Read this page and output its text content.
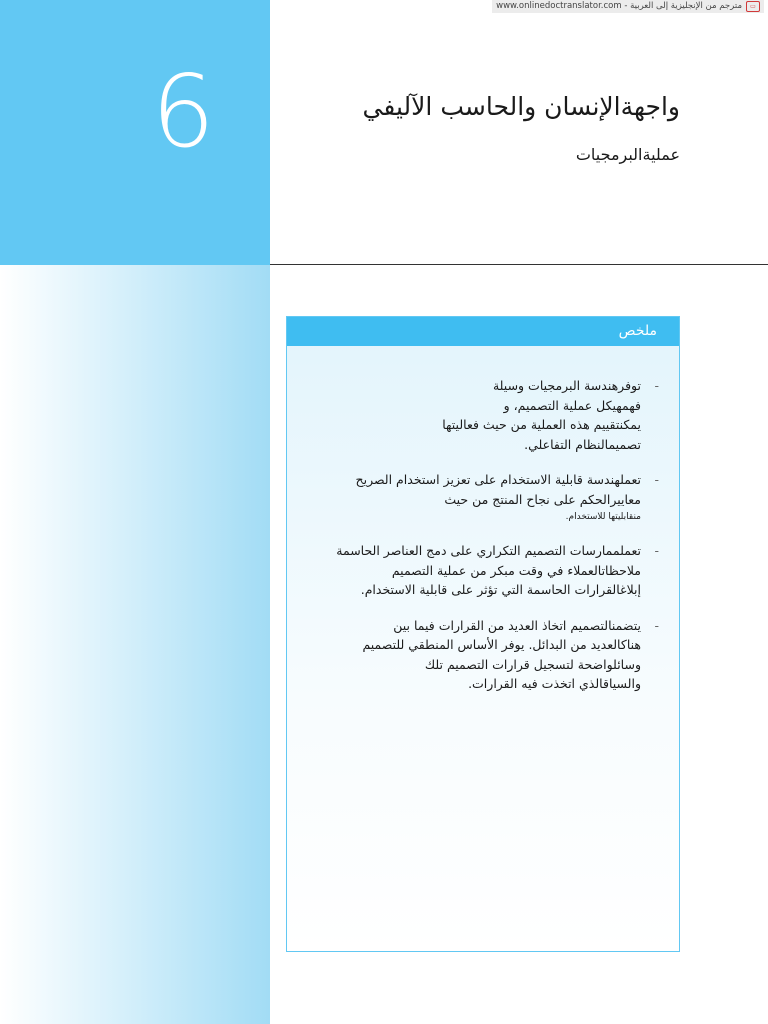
6
www.onlinedoctranslator.com - مترجم من الإنجليزية إلى العربية	▭
واجهةالإنسان والحاسب الآليفي
عمليةالبرمجيات
ملخص
- توفرهندسة البرمجيات وسيلة
فهمهيكل عملية التصميم، و
يمكنتقييم هذه العملية من حيث فعاليتها
تصميمالنظام التفاعلي.
- تعملهندسة قابلية الاستخدام على تعزيز استخدام الصريح
معاييرالحكم على نجاح المنتج من حيث
منقابليتها للاستخدام.
- تعملممارسات التصميم التكراري على دمج العناصر الحاسمة
ملاحظاتالعملاء في وقت مبكر من عملية التصميم
إبلاغالقرارات الحاسمة التي تؤثر على قابلية الاستخدام.
- يتضمنالتصميم اتخاذ العديد من القرارات فيما بين
هناكالعديد من البدائل. يوفر الأساس المنطقي للتصميم
وسائلواضحة لتسجيل قرارات التصميم تلك
والسياقالذي اتخذت فيه القرارات.
